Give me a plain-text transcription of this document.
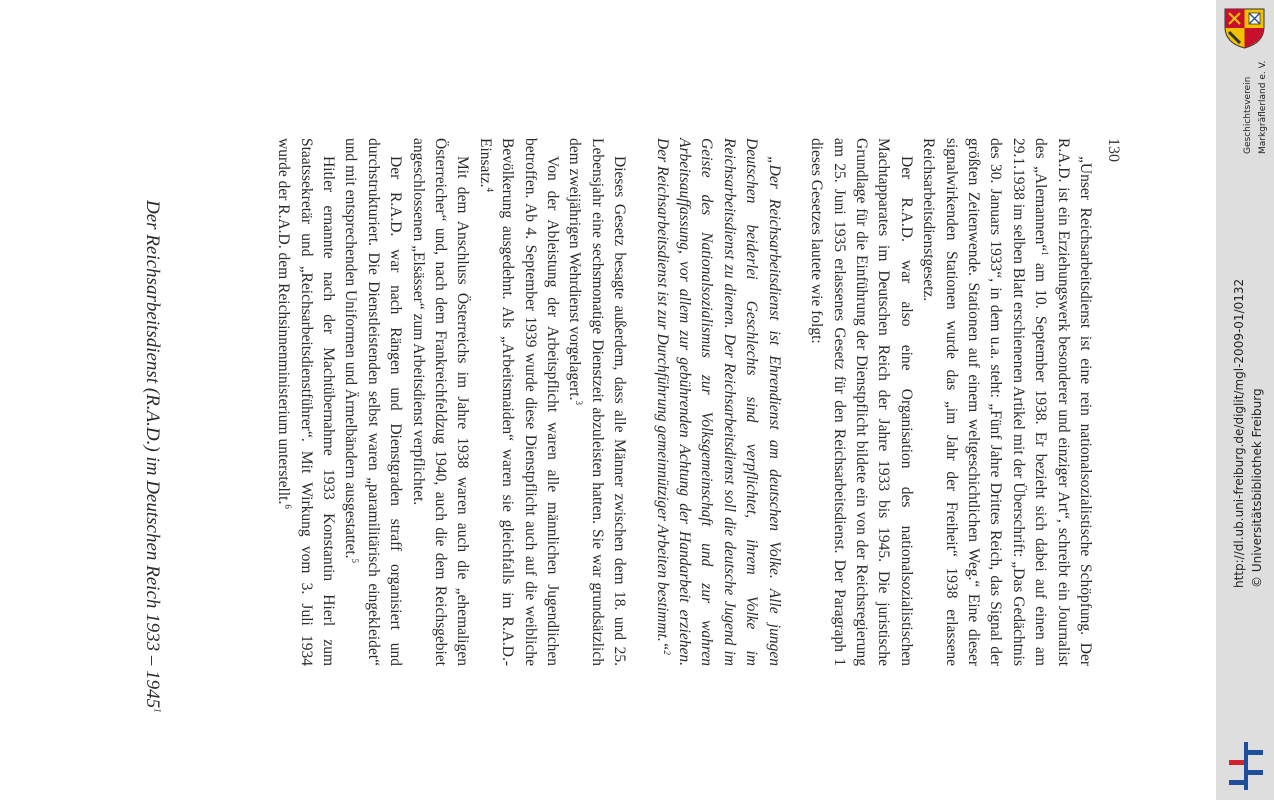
Der Reichsarbeitsdienst (R.A.D.) im Deutschen Reich 1933 – 1945$^1$

„Unser Reichsarbeitsdienst ist eine rein nationalsozialistische Schöpfung. Der R.A.D. ist ein Erziehungswerk besonderer und einziger Art“, schreibt ein Journalist des „Alemannen“$^1$ am 10. September 1938. Er bezieht sich dabei auf einen am 29.1.1938 im selben Blatt erschienenen Artikel mit der Überschrift: „Das Gedächtnis des 30. Januars 1933“, in dem u.a. steht: „Fünf Jahre Drittes Reich, das Signal der größten Zeitenwende. Stationen auf einem weltgeschichtlichen Weg.“ Eine dieser signalwirkenden Stationen wurde das „im Jahr der Freiheit“ 1938 erlassene Reichsarbeitsdienstgesetz.

Der R.A.D. war also eine Organisation des nationalsozialistischen Machtapparates im Deutschen Reich der Jahre 1933 bis 1945. Die juristische Grundlage für die Einführung der Dienstpflicht bildete ein von der Reichsregierung am 25. Juni 1935 erlassenes Gesetz für den Reichsarbeitsdienst. Der Paragraph 1 dieses Gesetzes lautete wie folgt:

„Der Reichsarbeitsdienst ist Ehrendienst am deutschen Volke. Alle jungen Deutschen beiderlei Geschlechts sind verpflichtet, ihrem Volke im Reichsarbeitsdienst zu dienen. Der Reichsarbeitsdienst soll die deutsche Jugend im Geiste des Nationalsozialismus zur Volksgemeinschaft und zur wahren Arbeitsauffassung, vor allem zur gebührenden Achtung der Handarbeit erziehen. Der Reichsarbeitsdienst ist zur Durchführung gemeinnütziger Arbeiten bestimmt.“$^2$

Dieses Gesetz besagte außerdem, dass alle Männer zwischen dem 18. und 25. Lebensjahr eine sechsmonatige Dienstzeit abzuleisten hatten. Sie war grundsätzlich dem zweijährigen Wehrdienst vorgelagert.$^3$

Von der Ableistung der Arbeitspflicht waren alle männlichen Jugendlichen betroffen. Ab 4. September 1939 wurde diese Dienstpflicht auch auf die weibliche Bevölkerung ausgedehnt. Als „Arbeitsmaiden“ waren sie gleichfalls im R.A.D.-Einsatz.$^4$

Mit dem Anschluss Österreichs im Jahre 1938 waren auch die „ehemaligen Österreicher“ und, nach dem Frankreichfeldzug 1940, auch die dem Reichsgebiet angeschlossenen „Elsässer“ zum Arbeitsdienst verpflichtet.

Der R.A.D. war nach Rängen und Dienstgraden straff organisiert und durchstrukturiert. Die Dienstleistenden selbst waren „paramilitärisch eingekleidet“ und mit entsprechenden Uniformen und Ärmelbändern ausgestattet.$^5$

Hitler ernannte nach der Machtübernahme 1933 Konstantin Hierl zum Staatssekretär und „Reichsarbeitsdienstführer“. Mit Wirkung vom 3. Juli 1934 wurde der R.A.D. dem Reichsinnenministerium unterstellt.$^6$

130	Geschichtsverein Markgräflerland e. V.
http://dl.ub.uni-freiburg.de/diglit/mgl-2009-01/0132 © Universitätsbibliothek Freiburg
